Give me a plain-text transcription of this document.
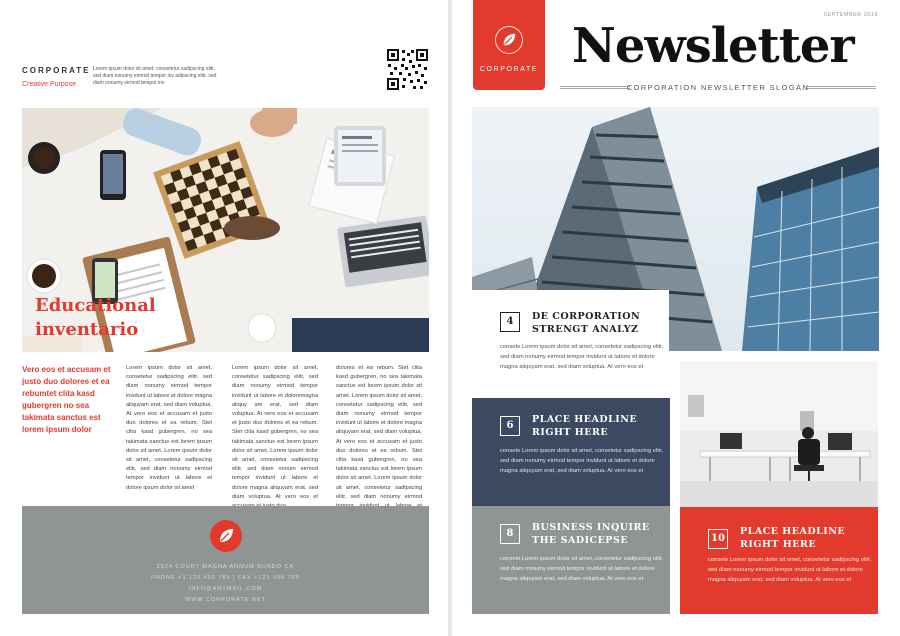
CORPORATE
Creative Purpose
Lorem ipsum dolor sit amet, consetetur sadipscing elitr, sed diam nonumy eirmod tempor inv adipscing elitr, sed diam nonumy eirmod tempor inv
Educational
inventario
Vero eos et accusam et justo duo dolores et ea rebumtet clita kasd gubergren no sea takimata sanctus est lorem ipsum dolor
Lorem ipsum dolor sit amet, consetetur sadipscing elitr, sed diam nonumy eirmod tempor invidunt ut labore et dolore magna aliquyam erat, sed diam voluptua. At vero eos et accusam et justo duo dolores et ea rebum. Stet clita kasd gubergren, no sea takimata sanctus est lorem ipsum dolor sit amet. Lorem ipsum dolor sit amet, consetetur sadipscing elitr, sed diam nonumy eirmod tempor invidunt ut labore et dolore ipsum dolor sit amet
Lorem ipsum dolor sit amet, consetetur sadipscing elitr, sed diam nonumy eirmod tempor invidunt ut labore et doloremagna aliquy am erat, sed diam voluptua. At vero eos et accusam et justo duo dolores et ea rebum. Stet clita kasd gubergren, no sea takimata sanctus est lorem ipsum dolor sit amet. Lorem ipsum dolor sit amet, consetetur sadipscing elitr, sed diam nonum eirmod tempor invidunt ut labore et dolore magna aliquyam erat, sed diam voluptua. At vero eos et
dolores et ea rebum. Stet clita kasd gubergren, no sea takimata sanctus est lorem ipsum dolor sit amet. Lorem ipsum dolor sit amet, consetetur sadipscing elitr, sed diam nonumy eirmod tempor invidunt ut labore et dolore magna aliquyam erat, sed diam voluptua. At vero eos et accusam et justo duo dolores et ea rebum. Stet clita kasd gubergren, no sea takimata sanctus est lorem ipsum dolor sit amet. Lorem ipsum dolor sit amet, consetetur sadipscing elitr, sed diam nonumy eirmod
2524 COURT MAGNA ANNUM BUNDO CA
PHONE +1 123 456 789 | FAX +123 456 789
INFO@ANYMAIL.COM
WWW.CORPORATE.NET
CORPORATE
SEPTEMBER 2016
Newsletter
CORPORATION NEWSLETTER SLOGAN
4	DE CORPORATION
STRENGT ANALYZ
consete Lorem ipsum dolor sit amet, consetetur sadipscing elitr, sed diam nonumy eirmod tempor invidunt ut labore et dolore magna aliquyam erat, sed diam voluptua. At vero eos et
6
PLACE HEADLINE
RIGHT HERE
consete Lorem ipsum dolor sit amet, consetetur sadipscing elitr, sed diam nonumy eirmod tempor invidunt ut labore et dolore magna aliquyam erat, sed diam voluptua. At vero eos et
8
BUSINESS INQUIRE
THE SADICEPSE
consete Lorem ipsum dolor sit amet, consetetur sadipscing elitr, sed diam nonumy eirmod tempor invidunt ut labore et dolore magna aliquyam erat, sed diam voluptua. At vero eos et
10
PLACE HEADLINE
RIGHT HERE
consete Lorem ipsum dolor sit amet, consetetur sadipscing elitr, sed diam nonumy eirmod tempor invidunt ut labore et dolore magna aliquyam erat, sed diam voluptua. At vero eos et
